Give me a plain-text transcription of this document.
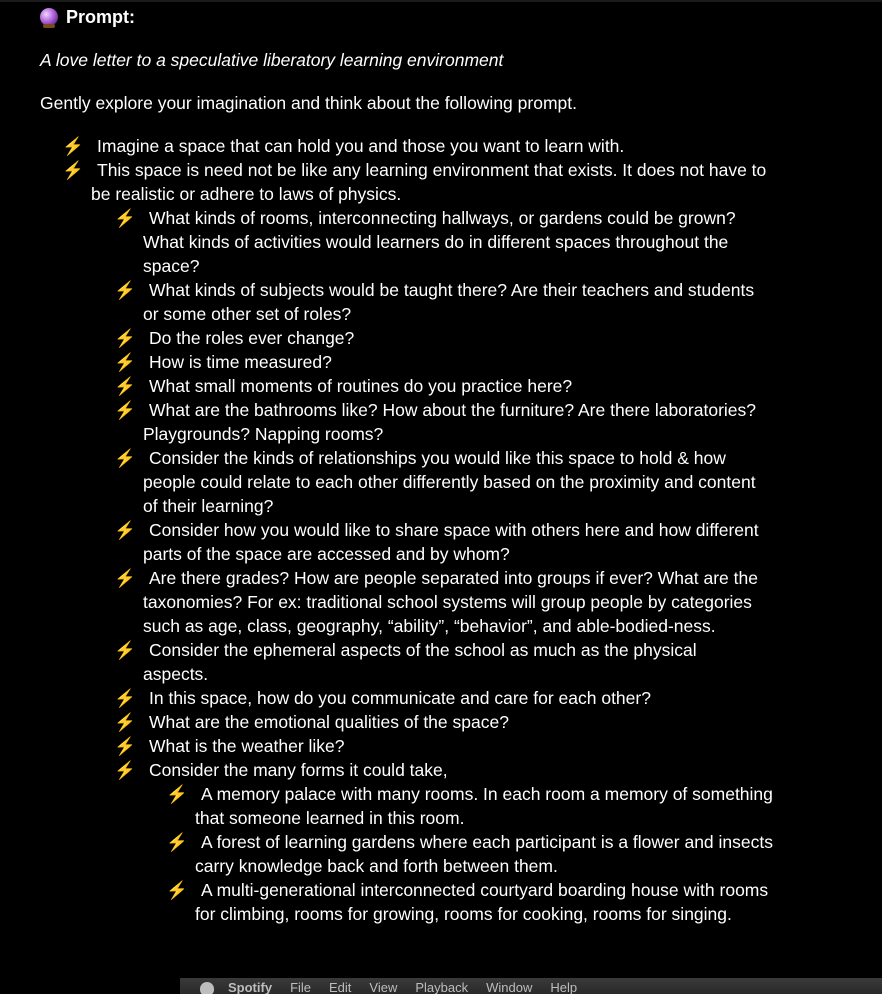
Prompt:
A love letter to a speculative liberatory learning environment
Gently explore your imagination and think about the following prompt.
⚡ Imagine a space that can hold you and those you want to learn with.
⚡ This space is need not be like any learning environment that exists. It does not have to be realistic or adhere to laws of physics.
⚡ What kinds of rooms, interconnecting hallways, or gardens could be grown? What kinds of activities would learners do in different spaces throughout the space?
⚡ What kinds of subjects would be taught there? Are their teachers and students or some other set of roles?
⚡ Do the roles ever change?
⚡ How is time measured?
⚡ What small moments of routines do you practice here?
⚡ What are the bathrooms like? How about the furniture? Are there laboratories? Playgrounds? Napping rooms?
⚡ Consider the kinds of relationships you would like this space to hold & how people could relate to each other differently based on the proximity and content of their learning?
⚡ Consider how you would like to share space with others here and how different parts of the space are accessed and by whom?
⚡ Are there grades? How are people separated into groups if ever? What are the taxonomies? For ex: traditional school systems will group people by categories such as age, class, geography, “ability”, “behavior”, and able-bodied-ness.
⚡ Consider the ephemeral aspects of the school as much as the physical aspects.
⚡ In this space, how do you communicate and care for each other?
⚡ What are the emotional qualities of the space?
⚡ What is the weather like?
⚡ Consider the many forms it could take,
⚡ A memory palace with many rooms. In each room a memory of something that someone learned in this room.
⚡ A forest of learning gardens where each participant is a flower and insects carry knowledge back and forth between them.
⚡ A multi-generational interconnected courtyard boarding house with rooms for climbing, rooms for growing, rooms for cooking, rooms for singing.
Spotify File Edit View Playback Window Help
